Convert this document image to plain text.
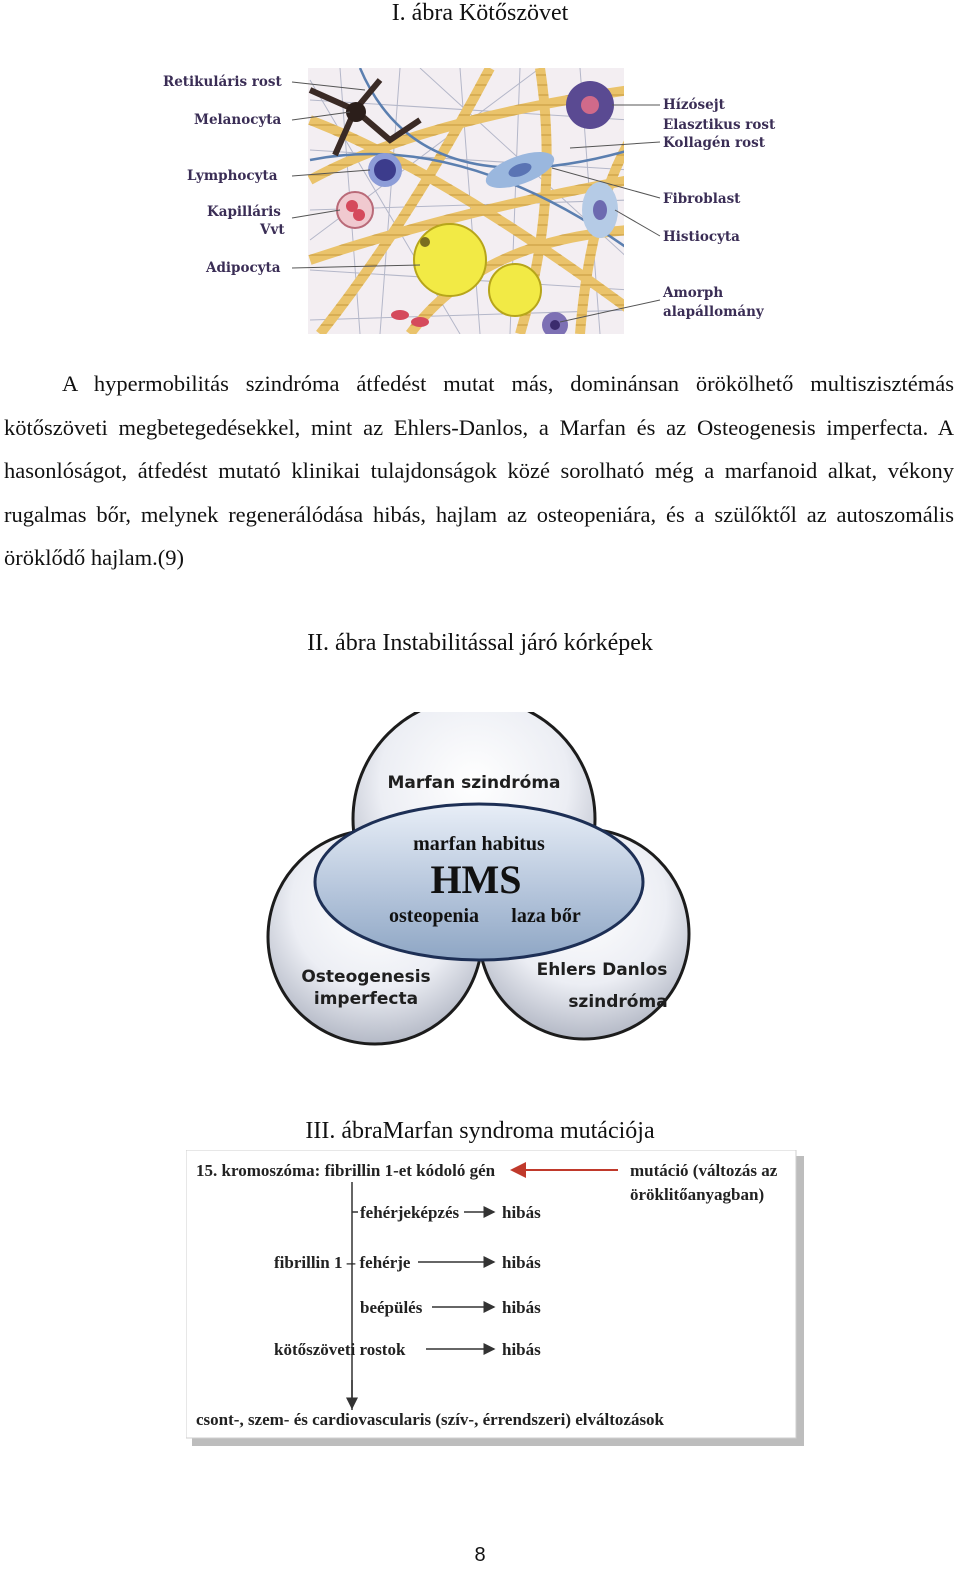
I. ábra Kötőszövet
Retikuláris rost
Melanocyta
Lymphocyta
Kapilláris
Vvt
Adipocyta
Hízósejt
Elasztikus rost
Kollagén rost
Fibroblast
Histiocyta
Amorph
alapállomány

A hypermobilitás szindróma átfedést mutat más, dominánsan örökölhető multiszisztémás kötőszöveti megbetegedésekkel, mint az Ehlers-Danlos, a Marfan és az Osteogenesis imperfecta. A hasonlóságot, átfedést mutató klinikai tulajdonságok közé sorolható még a marfanoid alkat, vékony rugalmas bőr, melynek regenerálódása hibás, hajlam az osteopeniára, és a szülőktől az autoszomális öröklődő hajlam.(9)

II. ábra Instabilitással járó kórképek
Marfan szindróma
Osteogenesis
imperfecta
Ehlers Danlos
szindróma
marfan habitus
HMS
osteopenia laza bőr
III. ábraMarfan syndroma mutációja
15. kromoszóma: fibrillin 1-et kódoló gén	mutáció (változás az
öröklitőanyagban)
fehérjeképzés	hibás
fibrillin 1 – fehérje	hibás
beépülés	hibás
kötőszöveti rostok	hibás
csont-, szem- és cardiovascularis (szív-, érrendszeri) elváltozások
8
